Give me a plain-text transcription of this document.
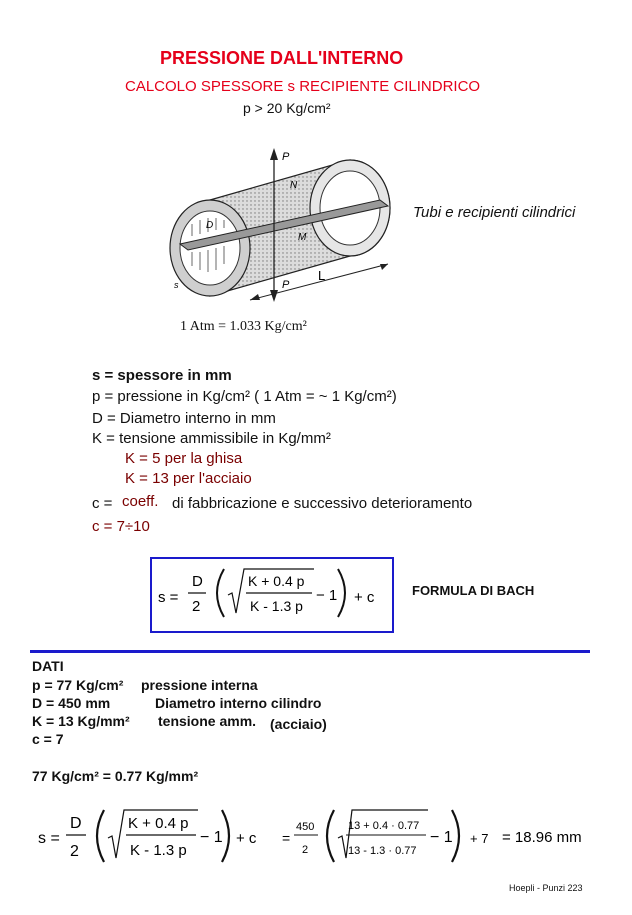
PRESSIONE DALL'INTERNO
CALCOLO SPESSORE s RECIPIENTE CILINDRICO
p > 20 Kg/cm²
P
P
N
M
D
s
L
Tubi e recipienti cilindrici
1 Atm = 1.033 Kg/cm²
s = spessore in mm
p = pressione in Kg/cm² ( 1 Atm = ~ 1 Kg/cm²)
D = Diametro interno in mm
K = tensione ammissibile in Kg/mm²
K = 5 per la ghisa
K = 13 per l'acciaio
c = coeff. di fabbricazione e successivo deterioramento
c = 7÷10
s =
D
2
K + 0.4 p
K - 1.3 p
− 1 + c	FORMULA DI BACH
DATI
p = 77 Kg/cm² pressione interna
D = 450 mm	Diametro interno cilindro
K = 13 Kg/mm² tensione amm. (acciaio)
c = 7
77 Kg/cm² = 0.77 Kg/mm²
s =
D
2
K + 0.4 p
K - 1.3 p
− 1 + c =
450
2
13 + 0.4 · 0.77
13 - 1.3 · 0.77
− 1 + 7 = 18.96 mm
Hoepli - Punzi 223
